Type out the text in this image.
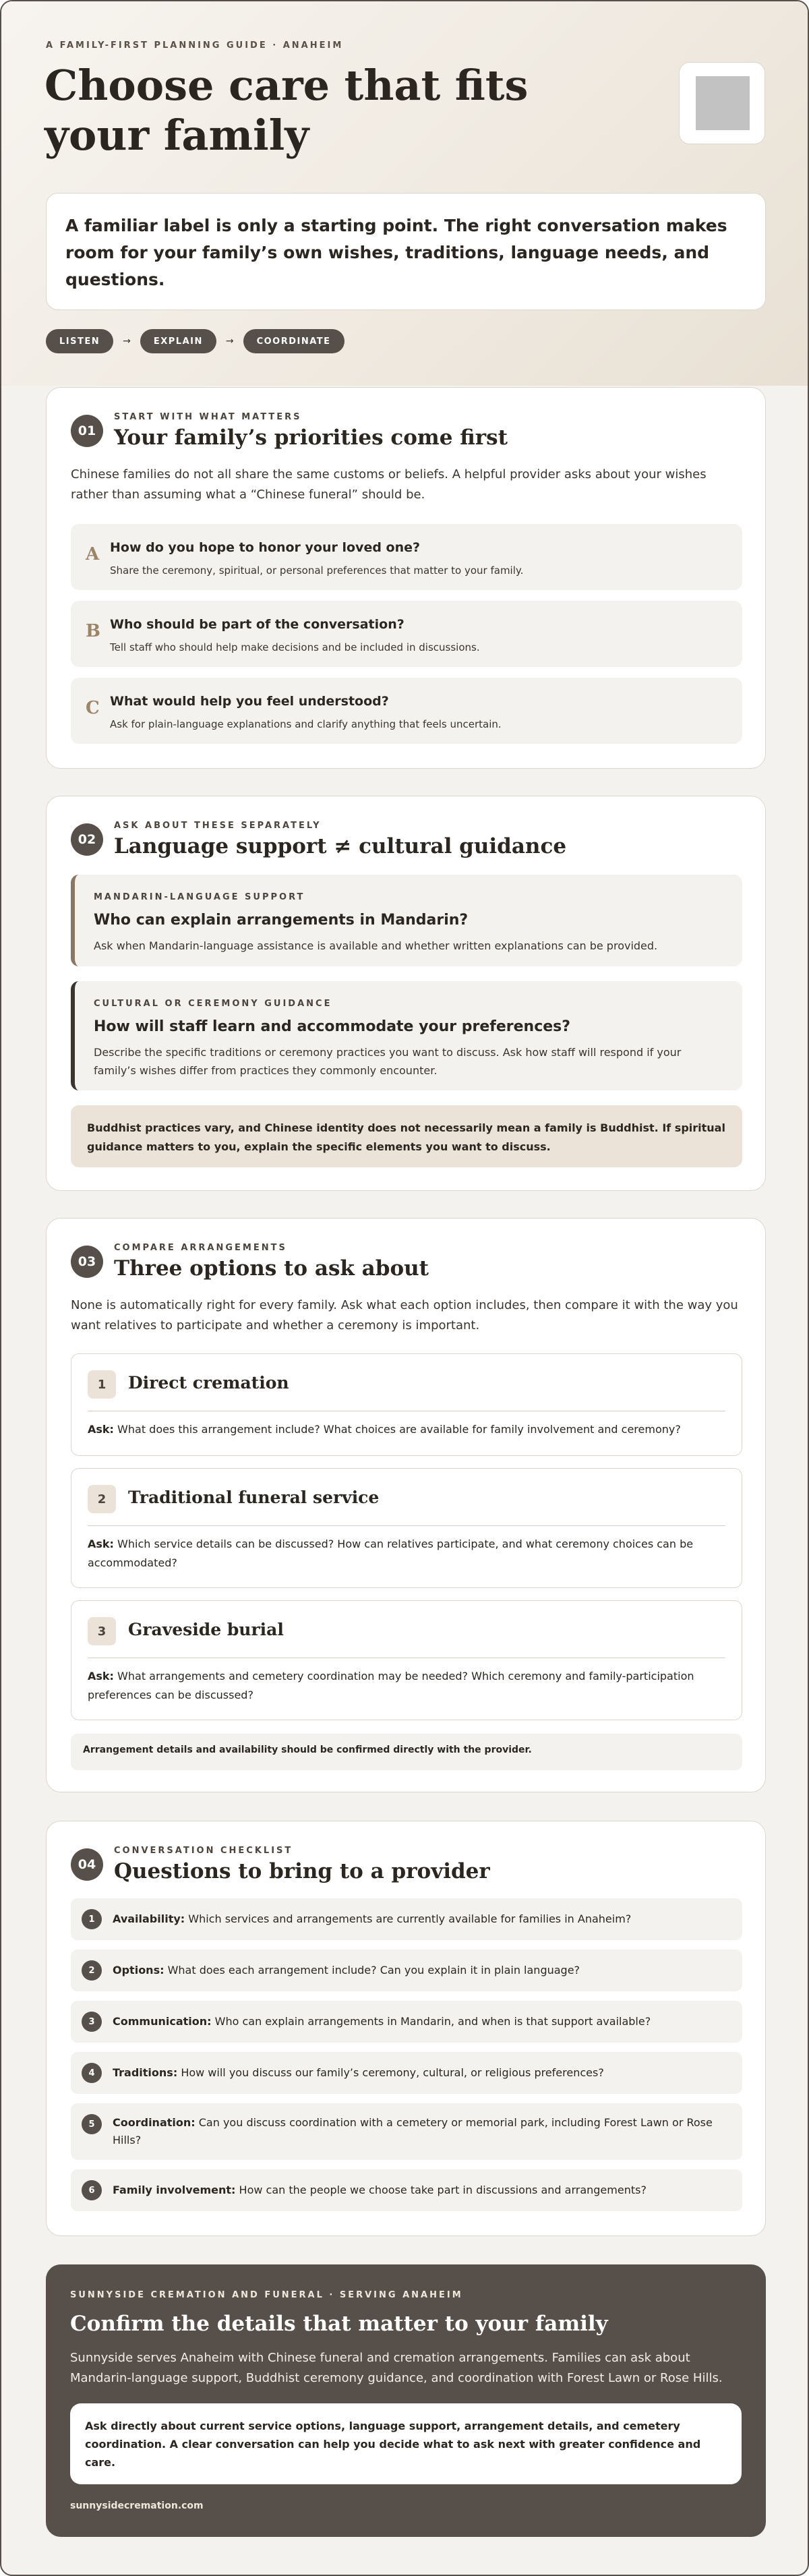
A FAMILY-FIRST PLANNING GUIDE · ANAHEIM
Choose care that fits your family

A familiar label is only a starting point. The right conversation makes room for your family’s own wishes, traditions, language needs, and questions.

LISTEN	→	EXPLAIN	→	COORDINATE
01
START WITH WHAT MATTERS
Your family’s priorities come first

Chinese families do not all share the same customs or beliefs. A helpful provider asks about your wishes rather than assuming what a “Chinese funeral” should be.

A How do you hope to honor your loved one?
Share the ceremony, spiritual, or personal preferences that matter to your family.
B Who should be part of the conversation?
Tell staff who should help make decisions and be included in discussions.
C What would help you feel understood?
Ask for plain-language explanations and clarify anything that feels uncertain.
02
ASK ABOUT THESE SEPARATELY
Language support ≠ cultural guidance
MANDARIN-LANGUAGE SUPPORT
Who can explain arrangements in Mandarin?
Ask when Mandarin-language assistance is available and whether written explanations can be provided.
CULTURAL OR CEREMONY GUIDANCE
How will staff learn and accommodate your preferences?
Describe the specific traditions or ceremony practices you want to discuss. Ask how staff will respond if your family’s wishes differ from practices they commonly encounter.
Buddhist practices vary, and Chinese identity does not necessarily mean a family is Buddhist. If spiritual guidance matters to you, explain the specific elements you want to discuss.
03
COMPARE ARRANGEMENTS
Three options to ask about

None is automatically right for every family. Ask what each option includes, then compare it with the way you want relatives to participate and whether a ceremony is important.

1	Direct cremation
Ask: What does this arrangement include? What choices are available for family involvement and ceremony?
2	Traditional funeral service
Ask: Which service details can be discussed? How can relatives participate, and what ceremony choices can be accommodated?
3	Graveside burial
Ask: What arrangements and cemetery coordination may be needed? Which ceremony and family-participation preferences can be discussed?
Arrangement details and availability should be confirmed directly with the provider.
04
CONVERSATION CHECKLIST
Questions to bring to a provider
1	Availability: Which services and arrangements are currently available for families in Anaheim?
2	Options: What does each arrangement include? Can you explain it in plain language?
3	Communication: Who can explain arrangements in Mandarin, and when is that support available?
4	Traditions: How will you discuss our family’s ceremony, cultural, or religious preferences?
5	Coordination: Can you discuss coordination with a cemetery or memorial park, including Forest Lawn or Rose Hills?
6	Family involvement: How can the people we choose take part in discussions and arrangements?
SUNNYSIDE CREMATION AND FUNERAL · SERVING ANAHEIM
Confirm the details that matter to your family

Sunnyside serves Anaheim with Chinese funeral and cremation arrangements. Families can ask about Mandarin-language support, Buddhist ceremony guidance, and coordination with Forest Lawn or Rose Hills.

Ask directly about current service options, language support, arrangement details, and cemetery coordination. A clear conversation can help you decide what to ask next with greater confidence and care.
sunnysidecremation.com
